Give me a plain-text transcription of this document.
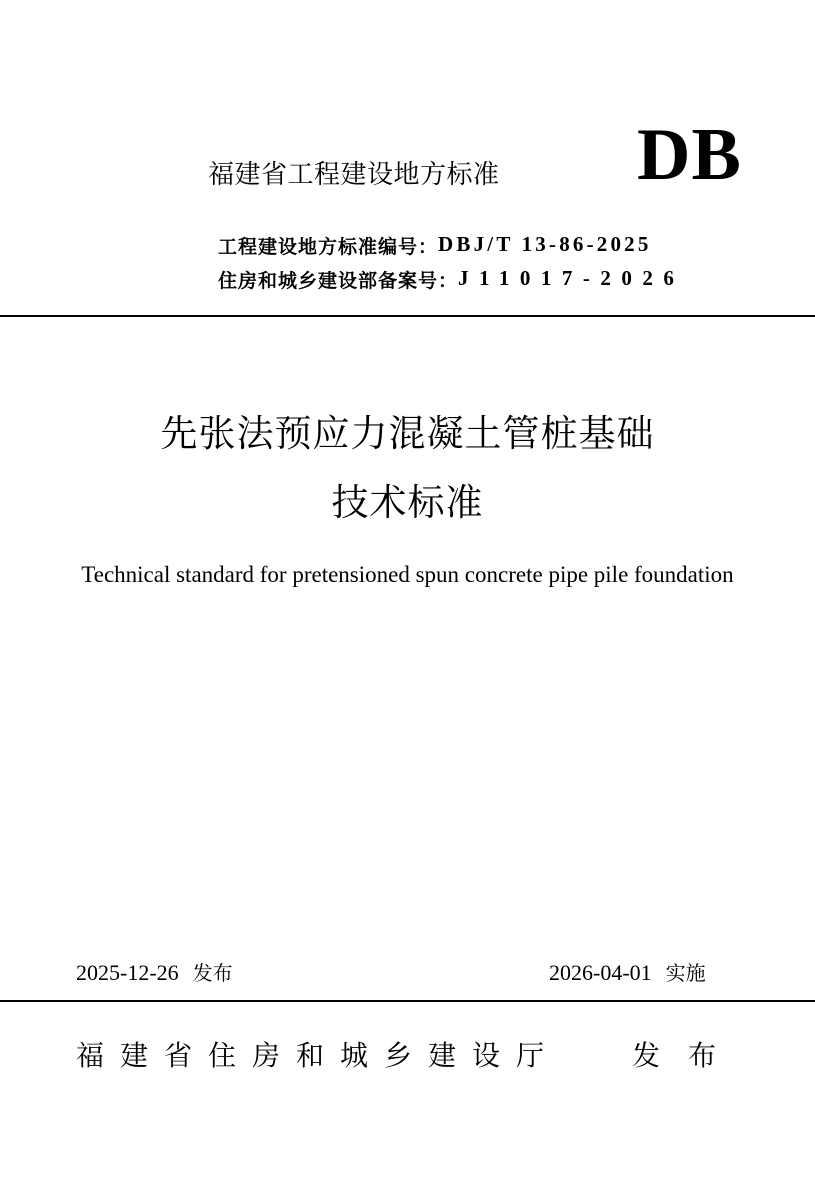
福建省工程建设地方标准 DB
工程建设地方标准编号： DBJ/T 13-86-2025
住房和城乡建设部备案号： J11017-2026
先张法预应力混凝土管桩基础
技术标准
Technical standard for pretensioned spun concrete pipe pile foundation
2025-12-26 发布	2026-04-01 实施
福建省住房和城乡建设厅	发布
